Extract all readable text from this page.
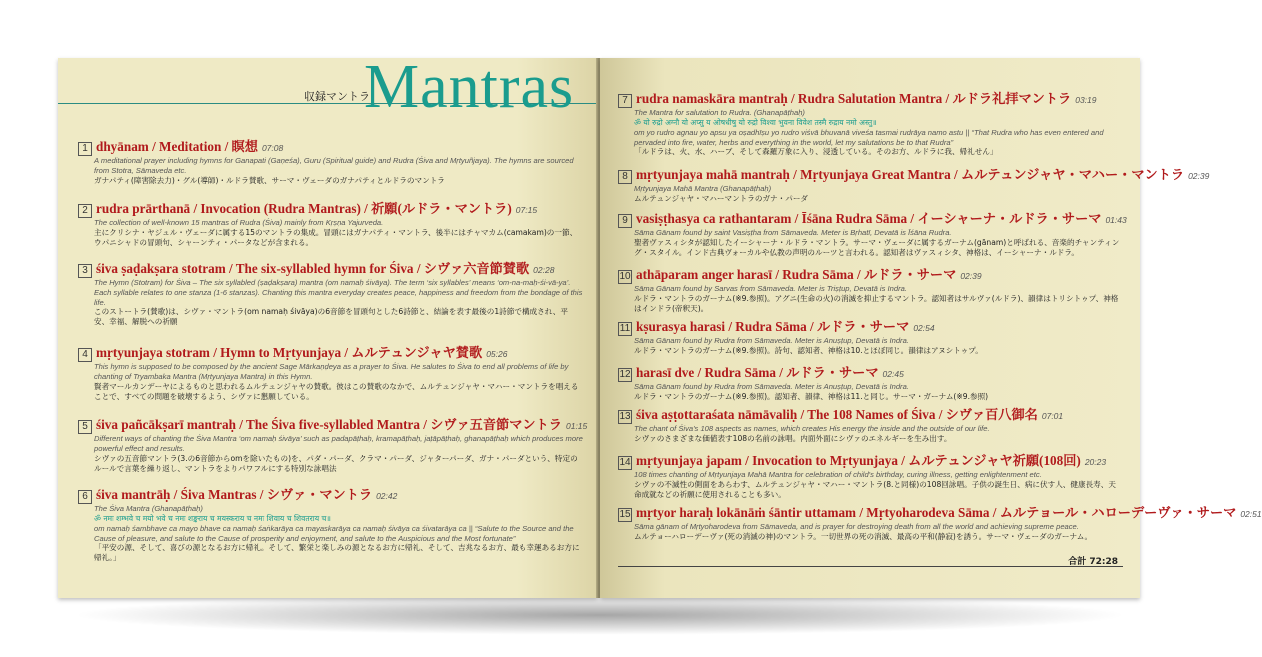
収録マントラ
Mantras
1 dhyānam / Meditation / 瞑想 07:08
A meditational prayer including hymns for Ganapati (Gaṇeśa), Guru (Spiritual guide) and Rudra (Śiva and Mṛtyuñjaya). The hymns are sourced from Stotra, Sāmaveda etc.
ガナパティ(障害除去力)・グル(導師)・ルドラ賛歌、サーマ・ヴェーダのガナパティとルドラのマントラ
2 rudra prārthanā / Invocation (Rudra Mantras) / 祈願(ルドラ・マントラ) 07:15
The collection of well-known 15 mantras of Rudra (Śiva) mainly from Kṛṣṇa Yajurveda.
主にクリシナ・ヤジュル・ヴェーダに属する15のマントラの集成。冒頭にはガナパティ・マントラ、後半にはチャマカム(camakam)の一節、ウパニシャドの冒頭句、シャーンティ・パータなどが含まれる。
3 śiva ṣaḍakṣara stotram / The six-syllabled hymn for Śiva / シヴァ六音節賛歌 02:28
The Hymn (Stotram) for Śiva – The six syllabled (ṣaḍakṣara) mantra (om namaḥ śivāya). The term ‘six syllables’ means ‘om-na-maḥ-śi-vā-ya’. Each syllable relates to one stanza (1-6 stanzas). Chanting this mantra everyday creates peace, happiness and freedom from the bondage of this life.
このストートラ(賛歌)は、シヴァ・マントラ(om namaḥ śivāya)の6音節を冒頭句とした6詩節と、結論を表す最後の1詩節で構成され、平安、幸福、解脱への祈願
4 mṛtyunjaya stotram / Hymn to Mṛtyunjaya / ムルテュンジャヤ賛歌 05:26
This hymn is supposed to be composed by the ancient Sage Mārkaṇḍeya as a prayer to Śiva. He salutes to Śiva to end all problems of life by chanting of Tryambaka Mantra (Mṛtyunjaya Mantra) in this Hymn.
賢者マールカンデーヤによるものと思われるムルテュンジャヤの賛歌。彼はこの賛歌のなかで、ムルテュンジャヤ・マハー・マントラを唱えることで、すべての問題を破壊するよう、シヴァに懇願している。
5 śiva pañcākṣarī mantraḥ / The Śiva five-syllabled Mantra / シヴァ五音節マントラ 01:15
Different ways of chanting the Śiva Mantra ‘om namaḥ śivāya’ such as padapāṭhaḥ, kramapāṭhaḥ, jaṭāpāṭhaḥ, ghanapāṭhaḥ which produces more powerful effect and results.
シヴァの五音節マントラ(3.の6音節からomを除いたもの)を、パダ・パーダ、クラマ・パーダ、ジャターパーダ、ガナ・パーダという、特定のルールで言葉を繰り返し、マントラをよりパワフルにする特別な詠唱法
6 śiva mantrāḥ / Śiva Mantras / シヴァ・マントラ 02:42
The Śiva Mantra (Ghanapāṭhaḥ)
ॐ नमः शम्भवे च मयो भवे च नमः शङ्कराय च मयस्कराय च नमः शिवाय च शिवतराय च॥
om namaḥ śambhave ca mayo bhave ca namaḥ śaṅkarāya ca mayaskarāya ca namaḥ śivāya ca śivatarāya ca || “Salute to the Source and the Cause of pleasure, and salute to the Cause of prosperity and enjoyment, and salute to the Auspicious and the Most fortunate”
「平安の源、そして、喜びの源となるお方に帰礼。そして、繁栄と楽しみの源となるお方に帰礼、そして、吉兆なるお方、最も幸運あるお方に帰礼。」
7 rudra namaskāra mantraḥ / Rudra Salutation Mantra / ルドラ礼拝マントラ 03:19
The Mantra for salutation to Rudra. (Ghanapāṭhaḥ)
ॐ यो रुद्रो अग्नौ यो अप्सु य ओषधीषु यो रुद्रो विश्वा भुवना विवेश तस्मै रुद्राय नमो अस्तु॥
om yo rudro agnau yo apsu ya oṣadhīṣu yo rudro viśvā bhuvanā viveśa tasmai rudrāya namo astu || “That Rudra who has even entered and pervaded into fire, water, herbs and everything in the world, let my salutations be to that Rudra”
「ルドラは、火、水、ハーブ、そして森羅万象に入り、浸透している。そのお方、ルドラに我、帰礼せん」
8 mṛtyunjaya mahā mantraḥ / Mṛtyunjaya Great Mantra / ムルテュンジャヤ・マハー・マントラ 02:39
Mṛtyunjaya Mahā Mantra (Ghanapāṭhaḥ)
ムルテュンジャヤ・マハーマントラのガナ・パーダ
9 vasiṣṭhasya ca rathantaram / Īśāna Rudra Sāma / イーシャーナ・ルドラ・サーマ 01:43
Sāma Gānam found by saint Vasiṣṭha from Sāmaveda. Meter is Bṛhatī, Devatā is Īśāna Rudra.
聖者ヴァスィシタが認知したイーシャーナ・ルドラ・マントラ。サーマ・ヴェーダに属するガーナム(gānam)と呼ばれる、音楽的チャンティング・スタイル。インド古典ヴォーカルや仏教の声明のルーツと言われる。認知者はヴァスィシタ、神格は、イーシャーナ・ルドラ。
10 athāparam anger harasī / Rudra Sāma / ルドラ・サーマ 02:39
Sāma Gānam found by Sarvas from Sāmaveda. Meter is Triṣṭup, Devatā is Indra.
ルドラ・マントラのガーナム(※9.参照)。アグニ(生命の火)の消滅を抑止するマントラ。認知者はサルヴァ(ルドラ)、韻律はトリシトゥプ、神格はインドラ(帝釈天)。
11 kṣurasya harasi / Rudra Sāma / ルドラ・サーマ 02:54
Sāma Gānam found by Rudra from Sāmaveda. Meter is Anuṣṭup, Devatā is Indra.
ルドラ・マントラのガーナム(※9.参照)。詩句、認知者、神格は10.とほぼ同じ。韻律はアヌシトゥプ。
12 harasī dve / Rudra Sāma / ルドラ・サーマ 02:45
Sāma Gānam found by Rudra from Sāmaveda. Meter is Anuṣṭup, Devatā is Indra.
ルドラ・マントラのガーナム(※9.参照)。認知者、韻律、神格は11.と同じ。サーマ・ガーナム(※9.参照)
13 śiva aṣṭottaraśata nāmāvaliḥ / The 108 Names of Śiva / シヴァ百八御名 07:01
The chant of Śiva's 108 aspects as names, which creates His energy the inside and the outside of our life.
シヴァのさまざまな価値表す108の名前の詠唱。内面外面にシヴァのエネルギーを生み出す。
14 mṛtyunjaya japam / Invocation to Mṛtyunjaya / ムルテュンジャヤ祈願(108回) 20:23
108 times chanting of Mṛtyunjaya Mahā Mantra for celebration of child's birthday, curing illness, getting enlightenment etc.
シヴァの不滅性の側面をあらわす、ムルテュンジャヤ・マハー・マントラ(8.と同様)の108回詠唱。子供の誕生日、病に伏す人、健康長寿、天命成就などの祈願に使用されることも多い。
15 mṛtyor haraḥ lokānāṁ śāntir uttamam / Mṛtyoharodeva Sāma / ムルテョール・ハローデーヴァ・サーマ 02:51
Sāma gānam of Mṛtyoharodeva from Sāmaveda, and is prayer for destroying death from all the world and achieving supreme peace.
ムルテョーハローデーヴァ(死の消滅の神)のマントラ。一切世界の死の消滅、最高の平和(静寂)を誘う。サーマ・ヴェーダのガーナム。
合計 72:28
